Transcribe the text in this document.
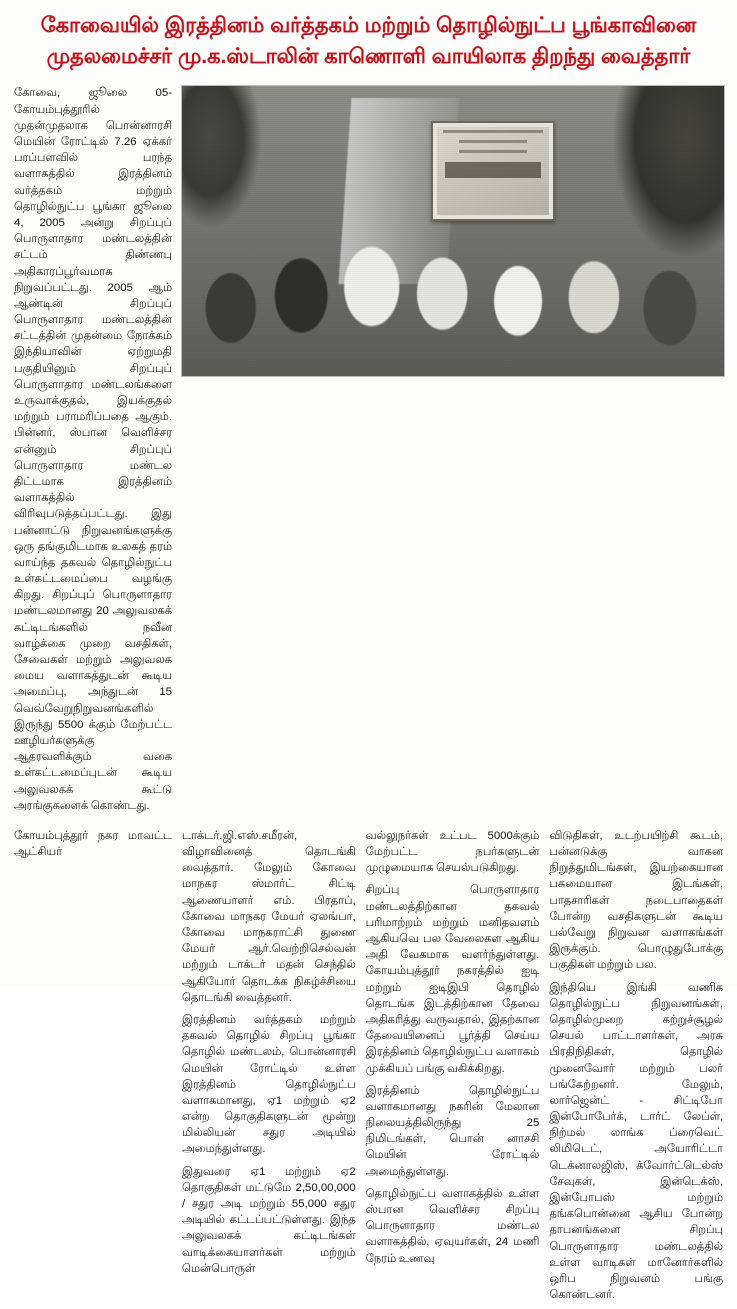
கோவையில் இரத்தினம் வர்த்தகம் மற்றும் தொழில்நுட்ப பூங்காவினை
முதலமைச்சர் மு.க.ஸ்டாலின் காணொளி வாயிலாக திறந்து வைத்தார்

கோவை, ஜூலை 05- கோயம்புத்தூரில் முதன்முதலாக பொன்னாரசி மெயின் ரோட்டில் 7.26 ஏக்கர் பரப்பளவில் பரந்த வளாகத்தில் இரத்தினம் வர்த்தகம் மற்றும் தொழில்நுட்ப பூங்கா ஜூலை 4, 2005 அன்று சிறப்புப் பொருளாதார மண்டலத்தின் சட்டம் திண்ணபு அதிகாரப்பூர்வமாக நிறுவப்பட்டது. 2005 ஆம் ஆண்டின் சிறப்புப் பொருளாதார மண்டலத்தின் சட்டத்தின் முதன்மை நோக்கம் இந்தியாவின் ஏற்றுமதி பகுதியினும் சிறப்புப் பொருளாதார மண்டலங்களை உருவாக்குதல், இயக்குதல் மற்றும் பராமரிப்பதை ஆகும். பின்னர், ஸ்பான வெளிச்சர என்னும் சிறப்புப் பொருளாதார மண்டல திட்டமாக இரத்தினம் வளாகத்தில் விரிவுபடுத்தப்பட்டது. இது பன்னாட்டு நிறுவனங்களுக்கு ஒரு தங்குமிடமாக உலகத் தரம் வாய்ந்த தகவல் தொழில்நுட்ப உள்கட்டமைப்பை வழங்கு கிறது. சிறப்புப் பொருளாதார மண்டலமானது 20 அலுவலகக் கட்டிடங்களில் நவீன வாழ்க்கை முறை வசதிகள், சேவைகள் மற்றும் அலுவலக மைய வளாகத்துடன் கூடிய அமைப்பு, அந்துடன் 15 வெவ்வேறுநிறுவனங்களில் இருந்து 5500 க்கும் மேற்பட்ட ஊழியர்களுக்கு ஆதரவளிக்கும் வகை உள்கட்டமைப்புடன் கூடிய அலுவலகக் கூட்டு அரங்குகளைக் கொண்டது.

கோயம்புத்தூர் நகர மாவட்ட ஆட்சியர்

டாக்டர்.ஜி.எஸ்.சமீரன், விழாவினைத் தொடங்கி வைத்தார். மேலும் கோவை மாநகர ஸ்மார்ட் சிட்டி ஆணையாளர் எம். பிரதாப், கோவை மாநகர மேயர் ஏலங்பா, கோவை மாநகராட்சி துணை மேயர் ஆர்.வெற்றிசெல்வன் மற்றும் டாக்டர் மதன் செந்தில் ஆகியோர் தொடக்க நிகழ்ச்சியை தொடங்கி வைத்தனர்.

இரத்தினம் வர்த்தகம் மற்றும் தகவல் தொழில் சிறப்பு பூங்கா தொழில் மண்டலம், பொன்னாரசி மெயின் ரோட்டில் உள்ள இரத்தினம் தொழில்நுட்ப வளாகமானது, ஏ1 மற்றும் ஏ2 என்ற தொகுதிகளுடன் மூன்று மில்லியன் சதுர அடியில் அமைந்துள்ளது.

இதுவரை ஏ1 மற்றும் ஏ2 தொகுதிகள் மட்டுமே 2,50,00,000 / சதுர அடி மற்றும் 55,000 சதுர அடியில் கட்டப்பட்டுள்ளது. இந்த அலுவலகக் கட்டிடங்கள் வாடிக்கையாளர்கள் மற்றும் மென்பொருள்

வல்லுநர்கள் உட்பட 5000க்கும் மேற்பட்ட நபர்களுடன் முழுமையாக செயல்படுகிறது.

சிறப்பு பொருளாதார மண்டலத்திற்கான தகவல் பரிமாற்றம் மற்றும் மனிதவளம் ஆகியவெ பல வேலைகள ஆகிய அதி வேகமாக வளர்ந்துள்ளது. கோயம்புத்தூர் நகரத்தில் ஐடி மற்றும் ஐடிஇபி தொழில் தொடங்க இடத்திற்கான தேவை அதிகரித்து வருவதால், இதற்கான தேவையினைப் பூர்த்தி செய்ய இரத்தினம் தொழில்நுட்ப வளாகம் முக்கியப் பங்கு வகிக்கிறது.

இரத்தினம் தொழில்நுட்ப வளாகமானது நகரின் மேலான நிலையத்திலிருந்து 25 நிமிடங்கள், பொன் னாசசி மெயின் ரோட்டில் அமைந்துள்ளது.

தொழில்நுட்ப வளாகத்தில் உள்ள ஸ்பான வெளிச்சர சிறப்பு பொருளாதார மண்டல வளாகத்தில், ஏவுயர்கள், 24 மணி நேரம் உணவு

விடுதிகள், உடற்பயிற்சி கூடம், பன்னடுக்கு வாகன நிறுத்துமிடங்கள், இயற்கையான பசுமையான இடங்கள், பாதசாரிகள் நடைபாதைகள் போன்ற வசதிகளுடன் கூடிய பல்வேறு நிறுவன வளாகங்கள் இருக்கும். பொழுதுபோக்கு பகுதிகள் மற்றும் பல.

இந்தியெ இங்கி வணிக தொழில்நுட்ப நிறுவனங்கள், தொழில்முறை கற்றுச்சூழல் செயல் பாட்டாளர்கள், அரசு பிரதிநிதிகள், தொழில் முனைவோர் மற்றும் பலர் பங்கேற்றனர். மேலும், லார்ஜென்ட் - சிட்டிபோ இன்போபேர்க், டார்ட் லேப்ள், நிற்மல் லாங்க ப்ரைவெட் லிமிடெட், அயோரிட்டா டெக்னாலஜிஸ், க்வோர்ட்டெல்ஸ் சேவுகள், இன்டெக்ஸ், இன்போபஸ் மற்றும் தங்கபொன்னை ஆசிய போன்ற தாபனங்களை சிறப்பு பொருளாதார மண்டலத்தில் உள்ள வாடிகள் மானோர்களில் ஒரிப நிறுவனம் பங்கு கொண்டனர்.
